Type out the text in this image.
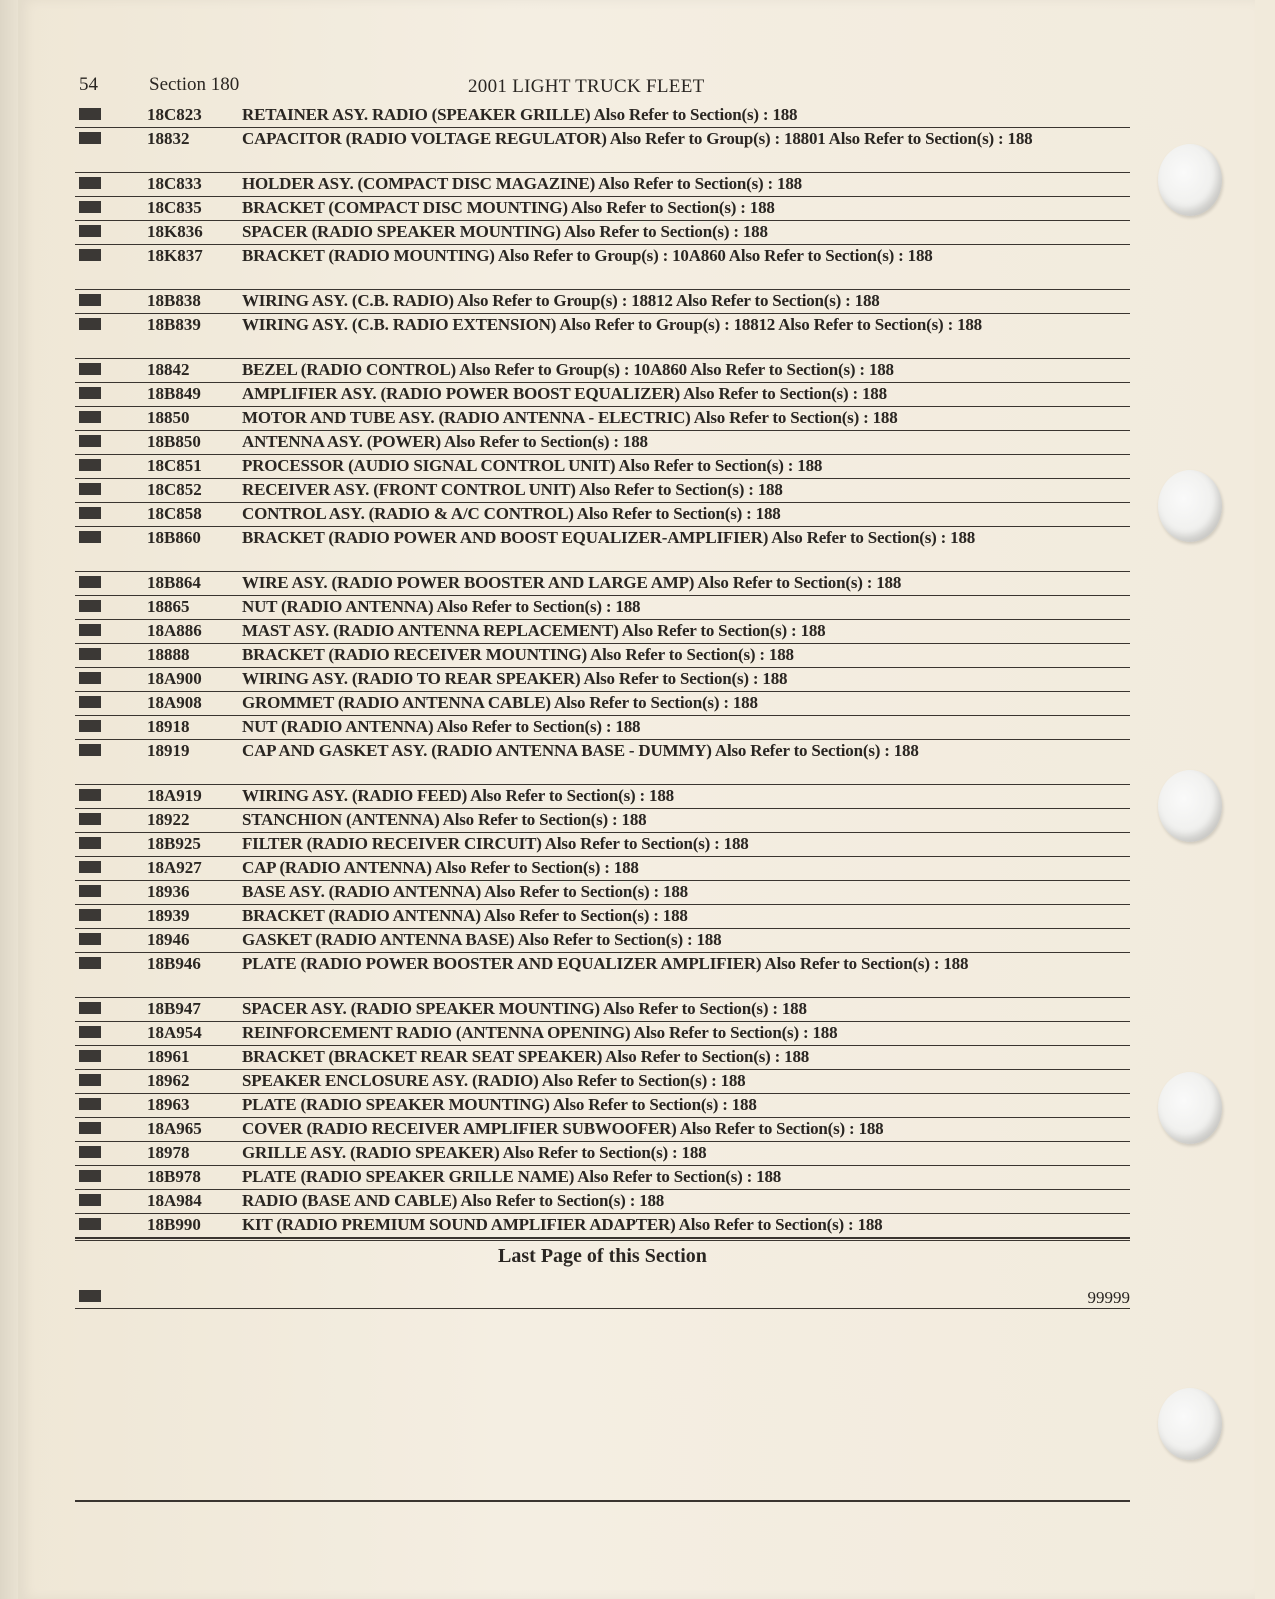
54	Section 180	2001 LIGHT TRUCK FLEET
18C823 RETAINER ASY. RADIO (SPEAKER GRILLE) Also Refer to Section(s) : 188
18832	CAPACITOR (RADIO VOLTAGE REGULATOR) Also Refer to Group(s) : 18801 Also Refer to Section(s) : 188
18C833 HOLDER ASY. (COMPACT DISC MAGAZINE) Also Refer to Section(s) : 188
18C835 BRACKET (COMPACT DISC MOUNTING) Also Refer to Section(s) : 188
18K836 SPACER (RADIO SPEAKER MOUNTING) Also Refer to Section(s) : 188
18K837 BRACKET (RADIO MOUNTING) Also Refer to Group(s) : 10A860 Also Refer to Section(s) : 188
18B838 WIRING ASY. (C.B. RADIO) Also Refer to Group(s) : 18812 Also Refer to Section(s) : 188
18B839 WIRING ASY. (C.B. RADIO EXTENSION) Also Refer to Group(s) : 18812 Also Refer to Section(s) : 188
18842	BEZEL (RADIO CONTROL) Also Refer to Group(s) : 10A860 Also Refer to Section(s) : 188
18B849 AMPLIFIER ASY. (RADIO POWER BOOST EQUALIZER) Also Refer to Section(s) : 188
18850	MOTOR AND TUBE ASY. (RADIO ANTENNA - ELECTRIC) Also Refer to Section(s) : 188
18B850 ANTENNA ASY. (POWER) Also Refer to Section(s) : 188
18C851 PROCESSOR (AUDIO SIGNAL CONTROL UNIT) Also Refer to Section(s) : 188
18C852 RECEIVER ASY. (FRONT CONTROL UNIT) Also Refer to Section(s) : 188
18C858 CONTROL ASY. (RADIO & A/C CONTROL) Also Refer to Section(s) : 188
18B860 BRACKET (RADIO POWER AND BOOST EQUALIZER-AMPLIFIER) Also Refer to Section(s) : 188
18B864 WIRE ASY. (RADIO POWER BOOSTER AND LARGE AMP) Also Refer to Section(s) : 188
18865	NUT (RADIO ANTENNA) Also Refer to Section(s) : 188
18A886 MAST ASY. (RADIO ANTENNA REPLACEMENT) Also Refer to Section(s) : 188
18888	BRACKET (RADIO RECEIVER MOUNTING) Also Refer to Section(s) : 188
18A900 WIRING ASY. (RADIO TO REAR SPEAKER) Also Refer to Section(s) : 188
18A908 GROMMET (RADIO ANTENNA CABLE) Also Refer to Section(s) : 188
18918	NUT (RADIO ANTENNA) Also Refer to Section(s) : 188
18919	CAP AND GASKET ASY. (RADIO ANTENNA BASE - DUMMY) Also Refer to Section(s) : 188
18A919 WIRING ASY. (RADIO FEED) Also Refer to Section(s) : 188
18922	STANCHION (ANTENNA) Also Refer to Section(s) : 188
18B925 FILTER (RADIO RECEIVER CIRCUIT) Also Refer to Section(s) : 188
18A927 CAP (RADIO ANTENNA) Also Refer to Section(s) : 188
18936	BASE ASY. (RADIO ANTENNA) Also Refer to Section(s) : 188
18939	BRACKET (RADIO ANTENNA) Also Refer to Section(s) : 188
18946	GASKET (RADIO ANTENNA BASE) Also Refer to Section(s) : 188
18B946 PLATE (RADIO POWER BOOSTER AND EQUALIZER AMPLIFIER) Also Refer to Section(s) : 188
18B947 SPACER ASY. (RADIO SPEAKER MOUNTING) Also Refer to Section(s) : 188
18A954 REINFORCEMENT RADIO (ANTENNA OPENING) Also Refer to Section(s) : 188
18961	BRACKET (BRACKET REAR SEAT SPEAKER) Also Refer to Section(s) : 188
18962	SPEAKER ENCLOSURE ASY. (RADIO) Also Refer to Section(s) : 188
18963	PLATE (RADIO SPEAKER MOUNTING) Also Refer to Section(s) : 188
18A965 COVER (RADIO RECEIVER AMPLIFIER SUBWOOFER) Also Refer to Section(s) : 188
18978	GRILLE ASY. (RADIO SPEAKER) Also Refer to Section(s) : 188
18B978 PLATE (RADIO SPEAKER GRILLE NAME) Also Refer to Section(s) : 188
18A984 RADIO (BASE AND CABLE) Also Refer to Section(s) : 188
18B990 KIT (RADIO PREMIUM SOUND AMPLIFIER ADAPTER) Also Refer to Section(s) : 188
Last Page of this Section
99999
